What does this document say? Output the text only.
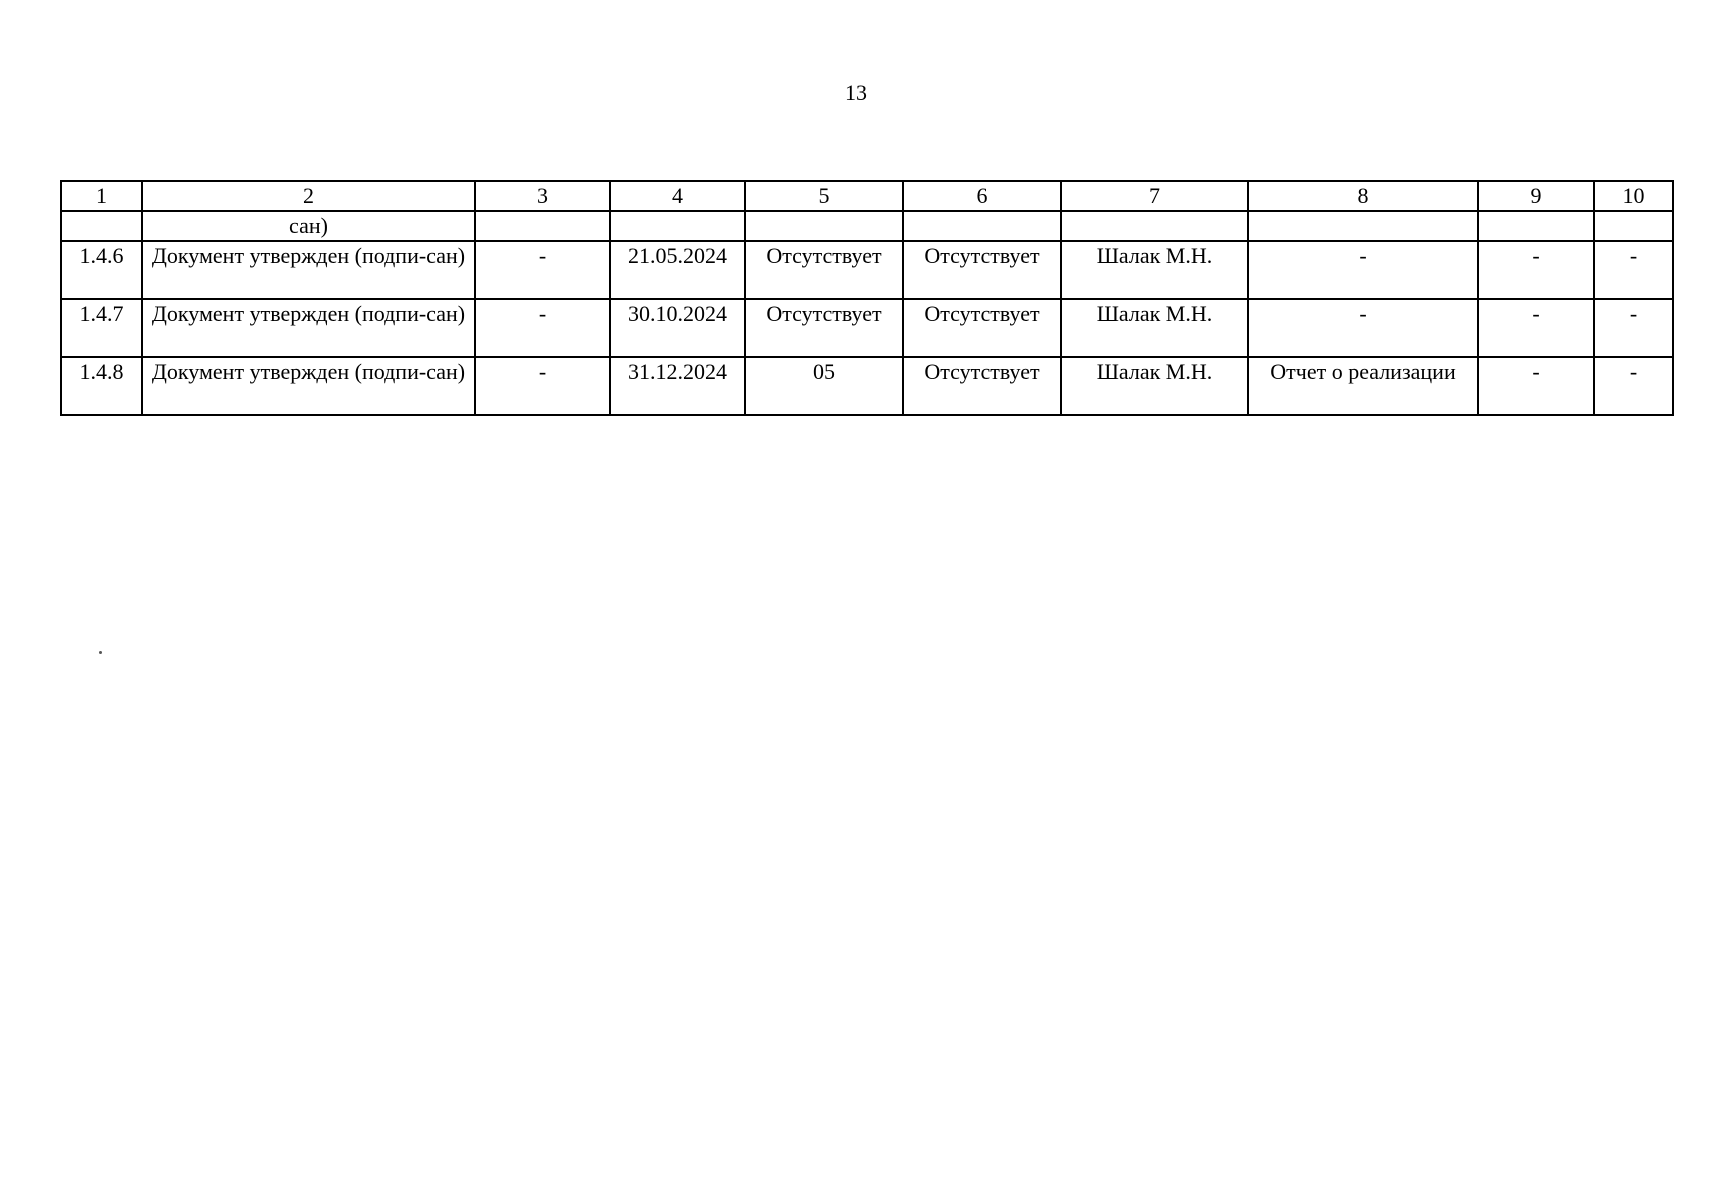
13
1	2	3	4	5	6	7	8	9	10
	сан)								
1.4.6	Документ утвержден (подпи-сан)	-	21.05.2024	Отсутствует	Отсутствует	Шалак М.Н.	-	-	-
1.4.7	Документ утвержден (подпи-сан)	-	30.10.2024	Отсутствует	Отсутствует	Шалак М.Н.	-	-	-
1.4.8	Документ утвержден (подпи-сан)	-	31.12.2024	05	Отсутствует	Шалак М.Н.	Отчет о реализации	-	-
